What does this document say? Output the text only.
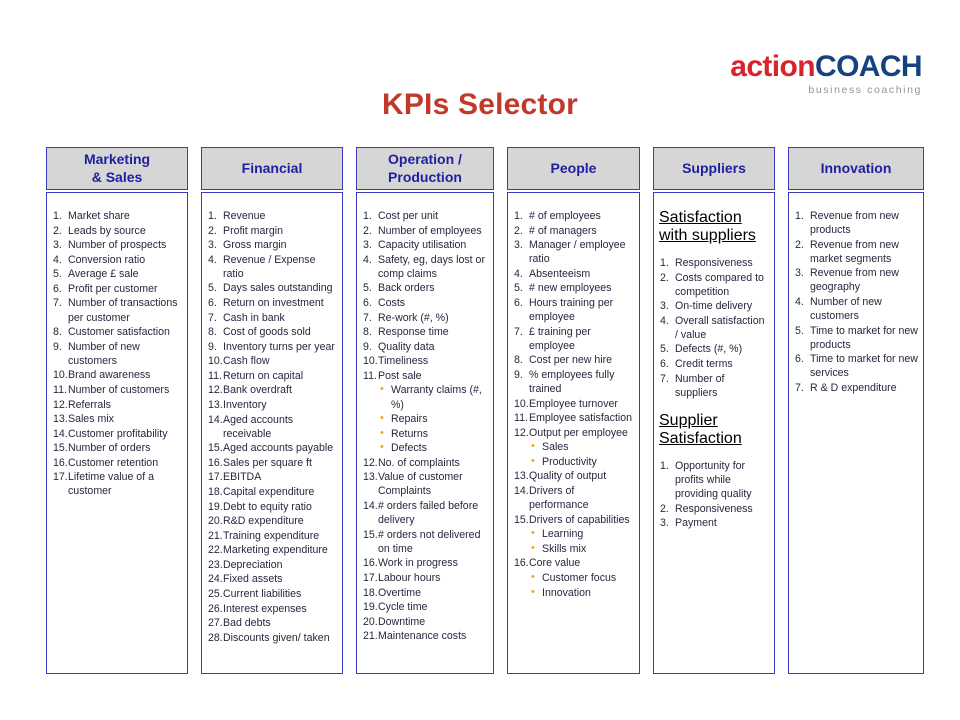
actionCOACH
business coaching
KPIs Selector
Marketing
& Sales
1. Market share
2. Leads by source
3. Number of prospects
4. Conversion ratio
5. Average £ sale
6. Profit per customer
7. Number of transactions per customer
8. Customer satisfaction
9. Number of new customers
10. Brand awareness
11. Number of customers
12. Referrals
13. Sales mix
14. Customer profitability
15. Number of orders
16. Customer retention
17. Lifetime value of a customer
Financial
1. Revenue
2. Profit margin
3. Gross margin
4. Revenue / Expense ratio
5. Days sales outstanding
6. Return on investment
7. Cash in bank
8. Cost of goods sold
9. Inventory turns per year
10. Cash flow
11. Return on capital
12. Bank overdraft
13. Inventory
14. Aged accounts receivable
15. Aged accounts payable
16. Sales per square ft
17. EBITDA
18. Capital expenditure
19. Debt to equity ratio
20. R&D expenditure
21. Training expenditure
22. Marketing expenditure
23. Depreciation
24. Fixed assets
25. Current liabilities
26. Interest expenses
27. Bad debts
28. Discounts given/ taken
Operation /
Production
1. Cost per unit
2. Number of employees
3. Capacity utilisation
4. Safety, eg, days lost or comp claims
5. Back orders
6. Costs
7. Re-work (#, %)
8. Response time
9. Quality data
10. Timeliness
11. Post sale
• Warranty claims (#, %)
• Repairs
• Returns
• Defects
12. No. of complaints
13. Value of customer Complaints
14. # orders failed before delivery
15. # orders not delivered on time
16. Work in progress
17. Labour hours
18. Overtime
19. Cycle time
20. Downtime
21. Maintenance costs
People
1. # of employees
2. # of managers
3. Manager / employee ratio
4. Absenteeism
5. # new employees
6. Hours training per employee
7. £ training per employee
8. Cost per new hire
9. % employees fully trained
10. Employee turnover
11. Employee satisfaction
12. Output per employee
• Sales
• Productivity
13. Quality of output
14. Drivers of performance
15. Drivers of capabilities
• Learning
• Skills mix
16. Core value
• Customer focus
• Innovation
Suppliers
Satisfaction with suppliers
1. Responsiveness
2. Costs compared to competition
3. On-time delivery
4. Overall satisfaction / value
5. Defects (#, %)
6. Credit terms
7. Number of suppliers
Supplier Satisfaction
1. Opportunity for profits while providing quality
2. Responsiveness
3. Payment
Innovation
1. Revenue from new products
2. Revenue from new market segments
3. Revenue from new geography
4. Number of new customers
5. Time to market for new products
6. Time to market for new services
7. R & D expenditure
